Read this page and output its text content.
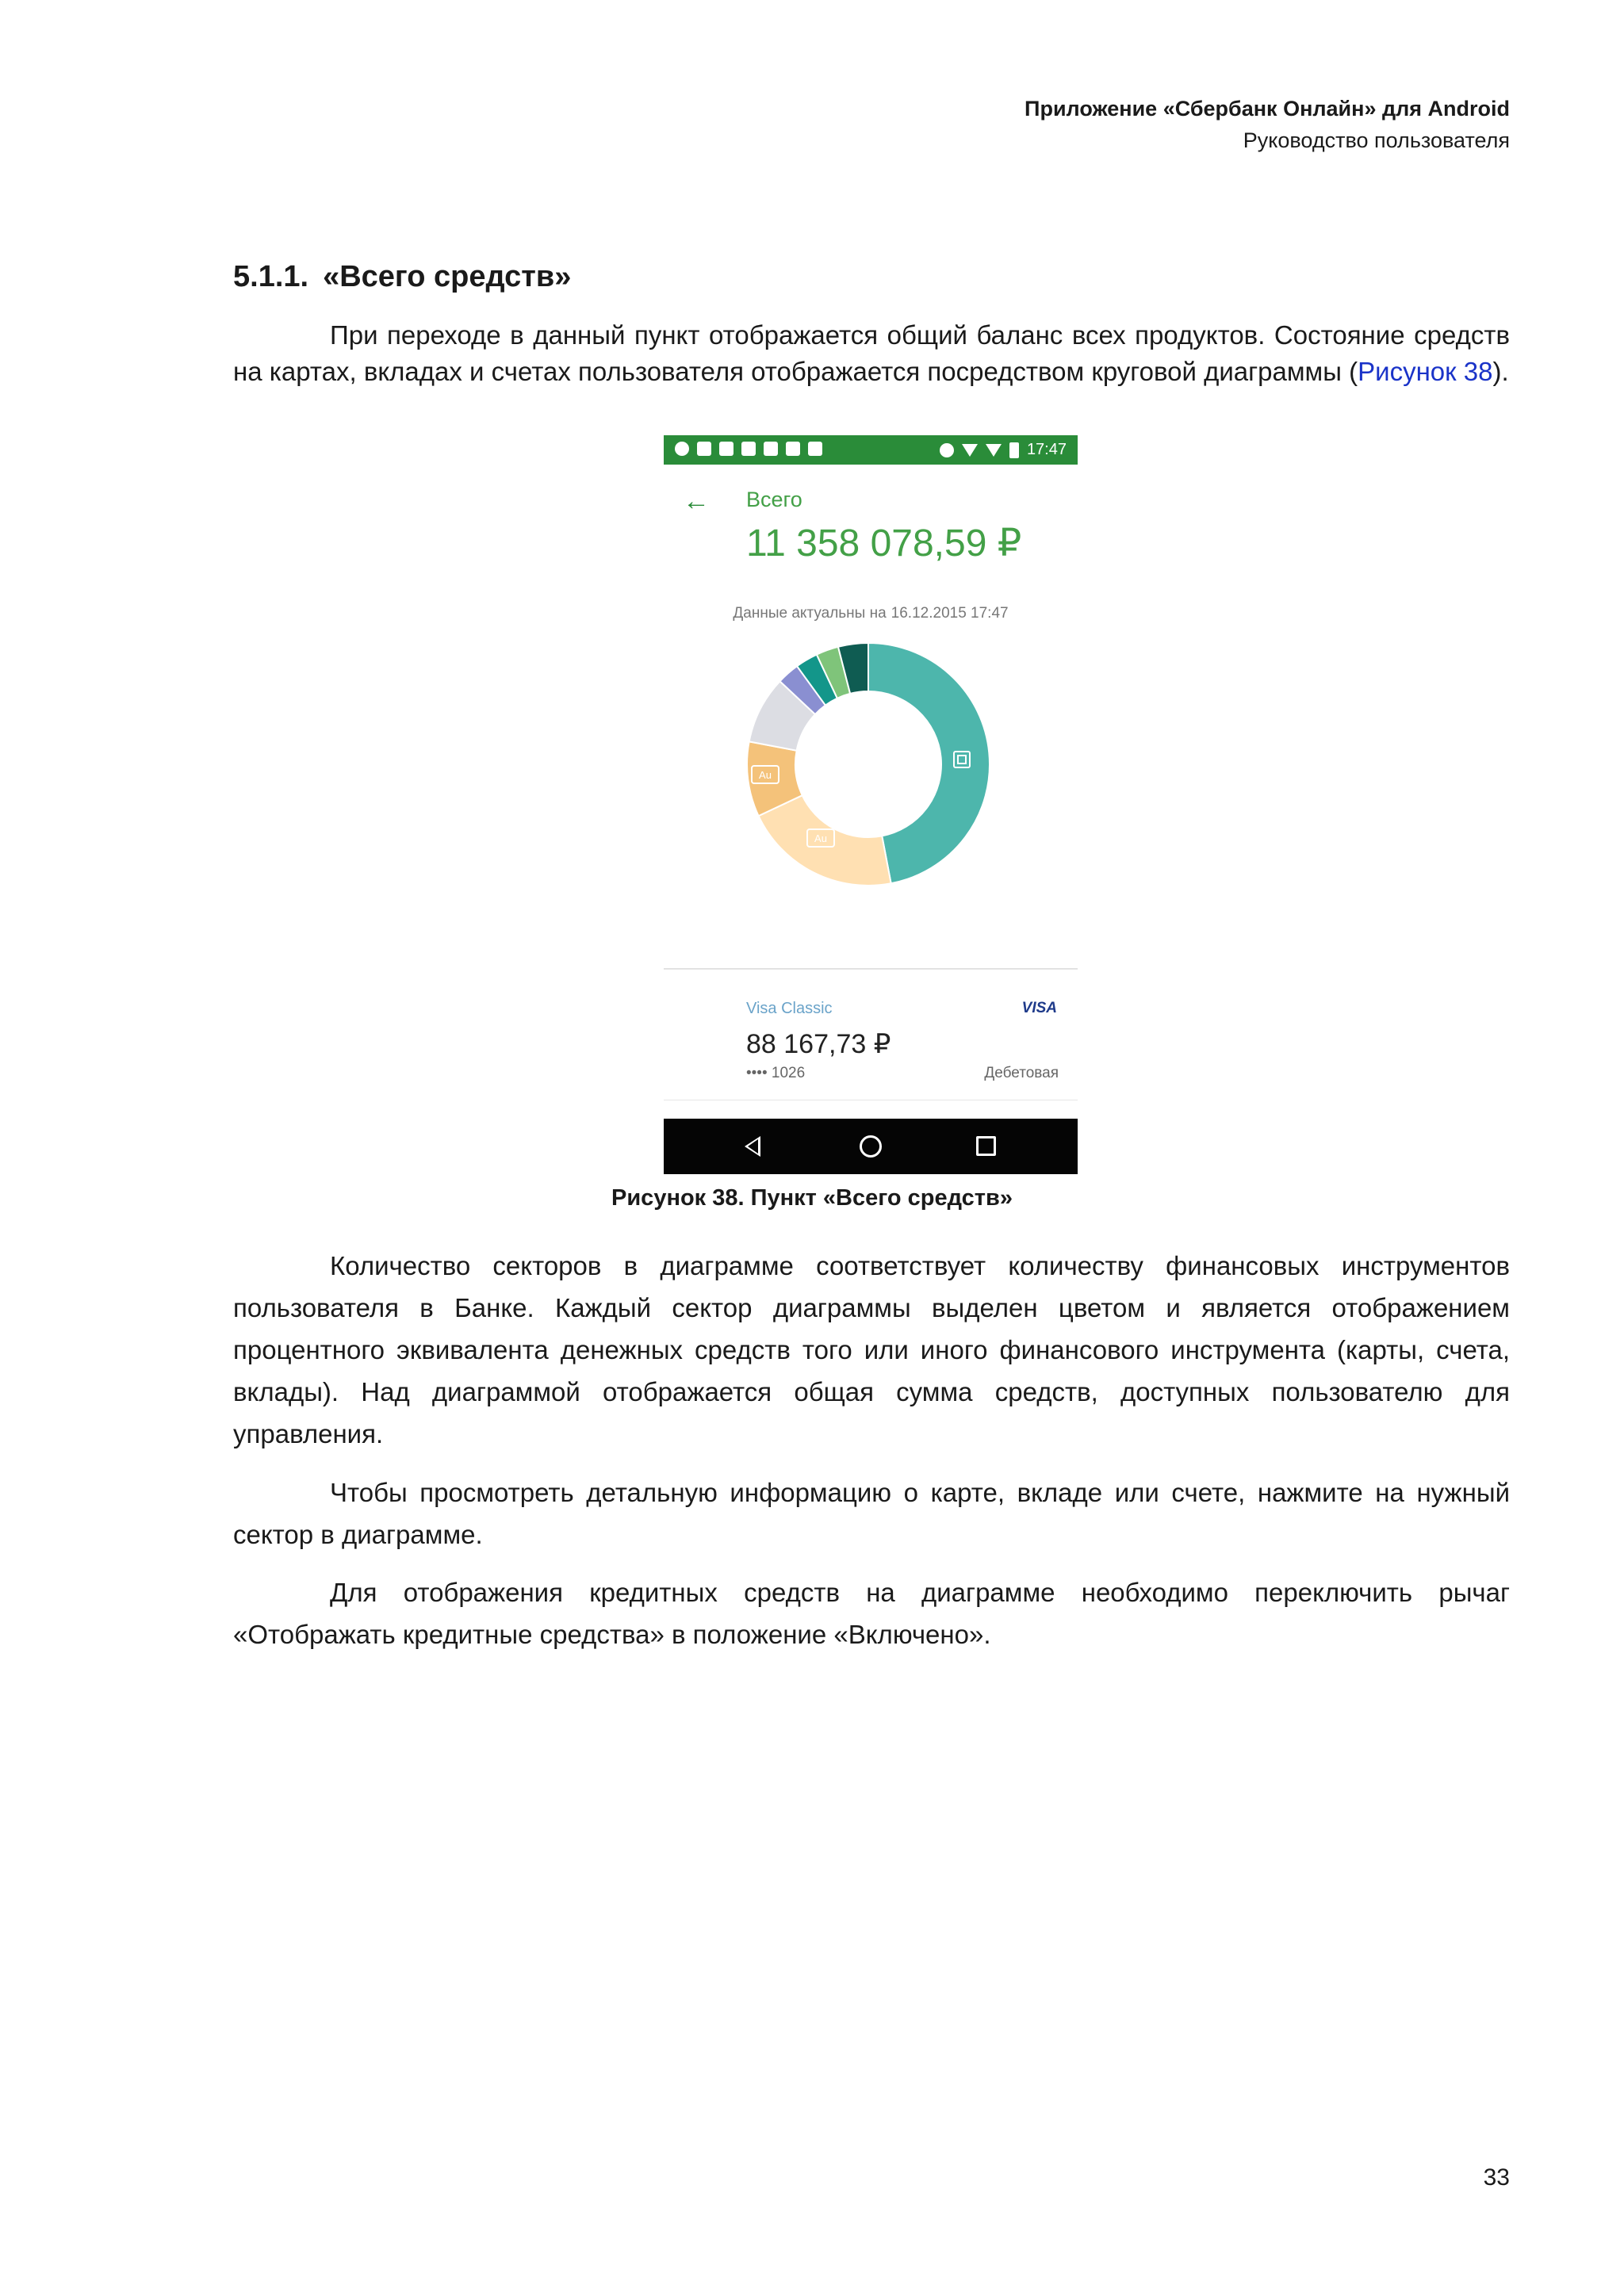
Приложение «Сбербанк Онлайн» для Android
Руководство пользователя
5.1.1. «Всего средств»
При переходе в данный пункт отображается общий баланс всех продуктов. Состояние средств на картах, вкладах и счетах пользователя отображается посредством круговой диаграммы (Рисунок 38).
17:47
← Всего
11 358 078,59 ₽
Данные актуальны на 16.12.2015 17:47
Au
Au
Visa Classic	VISA
88 167,73 ₽
•••• 1026	Дебетовая
Рисунок 38. Пункт «Всего средств»
Количество секторов в диаграмме соответствует количеству финансовых инструментов пользователя в Банке. Каждый сектор диаграммы выделен цветом и является отображением процентного эквивалента денежных средств того или иного финансового инструмента (карты, счета, вклады). Над диаграммой отображается общая сумма средств, доступных пользователю для управления.
Чтобы просмотреть детальную информацию о карте, вкладе или счете, нажмите на нужный сектор в диаграмме.
Для отображения кредитных средств на диаграмме необходимо переключить рычаг «Отображать кредитные средства» в положение «Включено».
33
